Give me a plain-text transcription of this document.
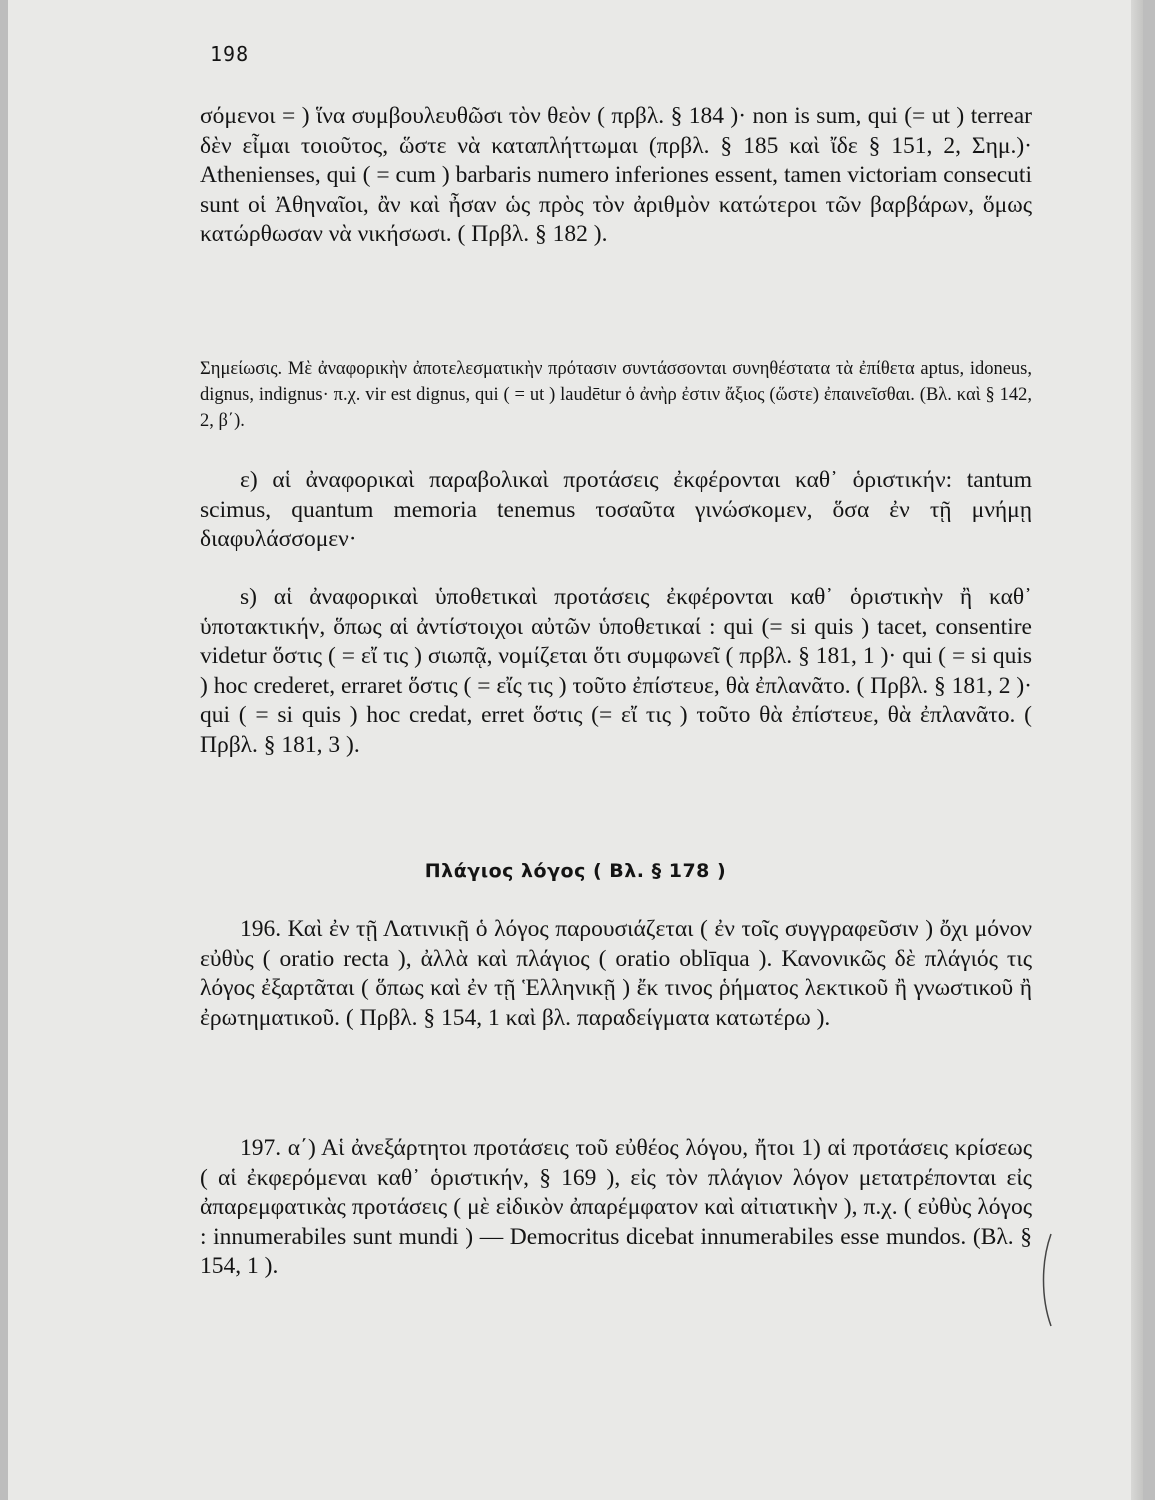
198

σόμενοι = ) ἵνα συμβουλευθῶσι τὸν θεὸν ( πρβλ. § 184 )· non is sum, qui (= ut ) terrear δὲν εἶμαι τοιοῦτος, ὥστε νὰ καταπλήττωμαι (πρβλ. § 185 καὶ ἴδε § 151, 2, Σημ.)· Athenienses, qui ( = cum ) barbaris numero inferiones essent, tamen victoriam consecuti sunt οἱ Ἀθηναῖοι, ἂν καὶ ἦσαν ὡς πρὸς τὸν ἀριθμὸν κατώτεροι τῶν βαρβάρων, ὅμως κατώρθωσαν νὰ νικήσωσι. ( Πρβλ. § 182 ).

Σημείωσις. Μὲ ἀναφορικὴν ἀποτελεσματικὴν πρότασιν συντάσσονται συνηθέστατα τὰ ἐπίθετα aptus, idoneus, dignus, indignus· π.χ. vir est dignus, qui ( = ut ) laudētur ὁ ἀνὴρ ἐστιν ἄξιος (ὥστε) ἐπαινεῖσθαι. (Βλ. καὶ § 142, 2, β΄).

ε) αἱ ἀναφορικαὶ παραβολικαὶ προτάσεις ἐκφέρονται καθ᾽ ὁριστικήν: tantum scimus, quantum memoria tenemus τοσαῦτα γινώσκομεν, ὅσα ἐν τῇ μνήμῃ διαφυλάσσομεν·

s) αἱ ἀναφορικαὶ ὑποθετικαὶ προτάσεις ἐκφέρονται καθ᾽ ὁριστικὴν ἢ καθ᾽ ὑποτακτικήν, ὅπως αἱ ἀντίστοιχοι αὐτῶν ὑποθετικαί : qui (= si quis ) tacet, consentire videtur ὅστις ( = εἴ τις ) σιωπᾷ, νομίζεται ὅτι συμφωνεῖ ( πρβλ. § 181, 1 )· qui ( = si quis ) hoc crederet, erraret ὅστις ( = εἴς τις ) τοῦτο ἐπίστευε, θὰ ἐπλανᾶτο. ( Πρβλ. § 181, 2 )· qui ( = si quis ) hoc credat, erret ὅστις (= εἴ τις ) τοῦτο θὰ ἐπίστευε, θὰ ἐπλανᾶτο. ( Πρβλ. § 181, 3 ).

Πλάγιος λόγος ( Βλ. § 178 )

196. Καὶ ἐν τῇ Λατινικῇ ὁ λόγος παρουσιάζεται ( ἐν τοῖς συγγραφεῦσιν ) ὄχι μόνον εὐθὺς ( oratio recta ), ἀλλὰ καὶ πλάγιος ( oratio oblīqua ). Κανονικῶς δὲ πλάγιός τις λόγος ἐξαρτᾶται ( ὅπως καὶ ἐν τῇ Ἑλληνικῇ ) ἔκ τινος ῥήματος λεκτικοῦ ἢ γνωστικοῦ ἢ ἐρωτηματικοῦ. ( Πρβλ. § 154, 1 καὶ βλ. παραδείγματα κατωτέρω ).

197. α΄) Αἱ ἀνεξάρτητοι προτάσεις τοῦ εὐθέος λόγου, ἤτοι 1) αἱ προτάσεις κρίσεως ( αἱ ἐκφερόμεναι καθ᾽ ὁριστικήν, § 169 ), εἰς τὸν πλάγιον λόγον μετατρέπονται εἰς ἀπαρεμφατικὰς προτάσεις ( μὲ εἰδικὸν ἀπαρέμφατον καὶ αἰτιατικὴν ), π.χ. ( εὐθὺς λόγος : innumerabiles sunt mundi ) — Democritus dicebat innumerabiles esse mundos. (Βλ. § 154, 1 ).
